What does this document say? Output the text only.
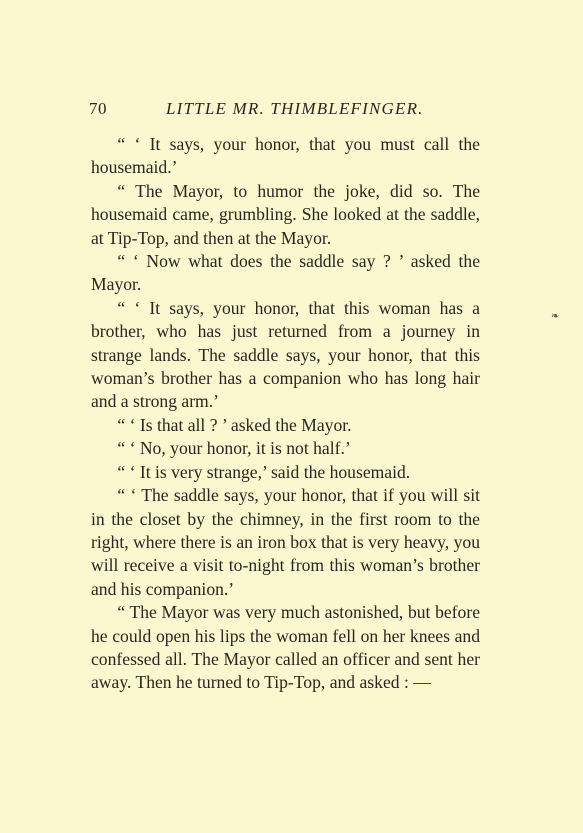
70	LITTLE MR. THIMBLEFINGER.

“ ‘ It says, your honor, that you must call the housemaid.’

“ The Mayor, to humor the joke, did so. The housemaid came, grumbling. She looked at the saddle, at Tip-Top, and then at the Mayor.

“ ‘ Now what does the saddle say ? ’ asked the Mayor.

“ ‘ It says, your honor, that this woman has a brother, who has just returned from a journey in strange lands. The saddle says, your honor, that this woman’s brother has a companion who has long hair and a strong arm.’

“ ‘ Is that all ? ’ asked the Mayor.

“ ‘ No, your honor, it is not half.’

“ ‘ It is very strange,’ said the housemaid.

“ ‘ The saddle says, your honor, that if you will sit in the closet by the chimney, in the first room to the right, where there is an iron box that is very heavy, you will receive a visit to-night from this woman’s brother and his companion.’

“ The Mayor was very much astonished, but before he could open his lips the woman fell on her knees and confessed all. The Mayor called an officer and sent her away. Then he turned to Tip-Top, and asked : —

❧
